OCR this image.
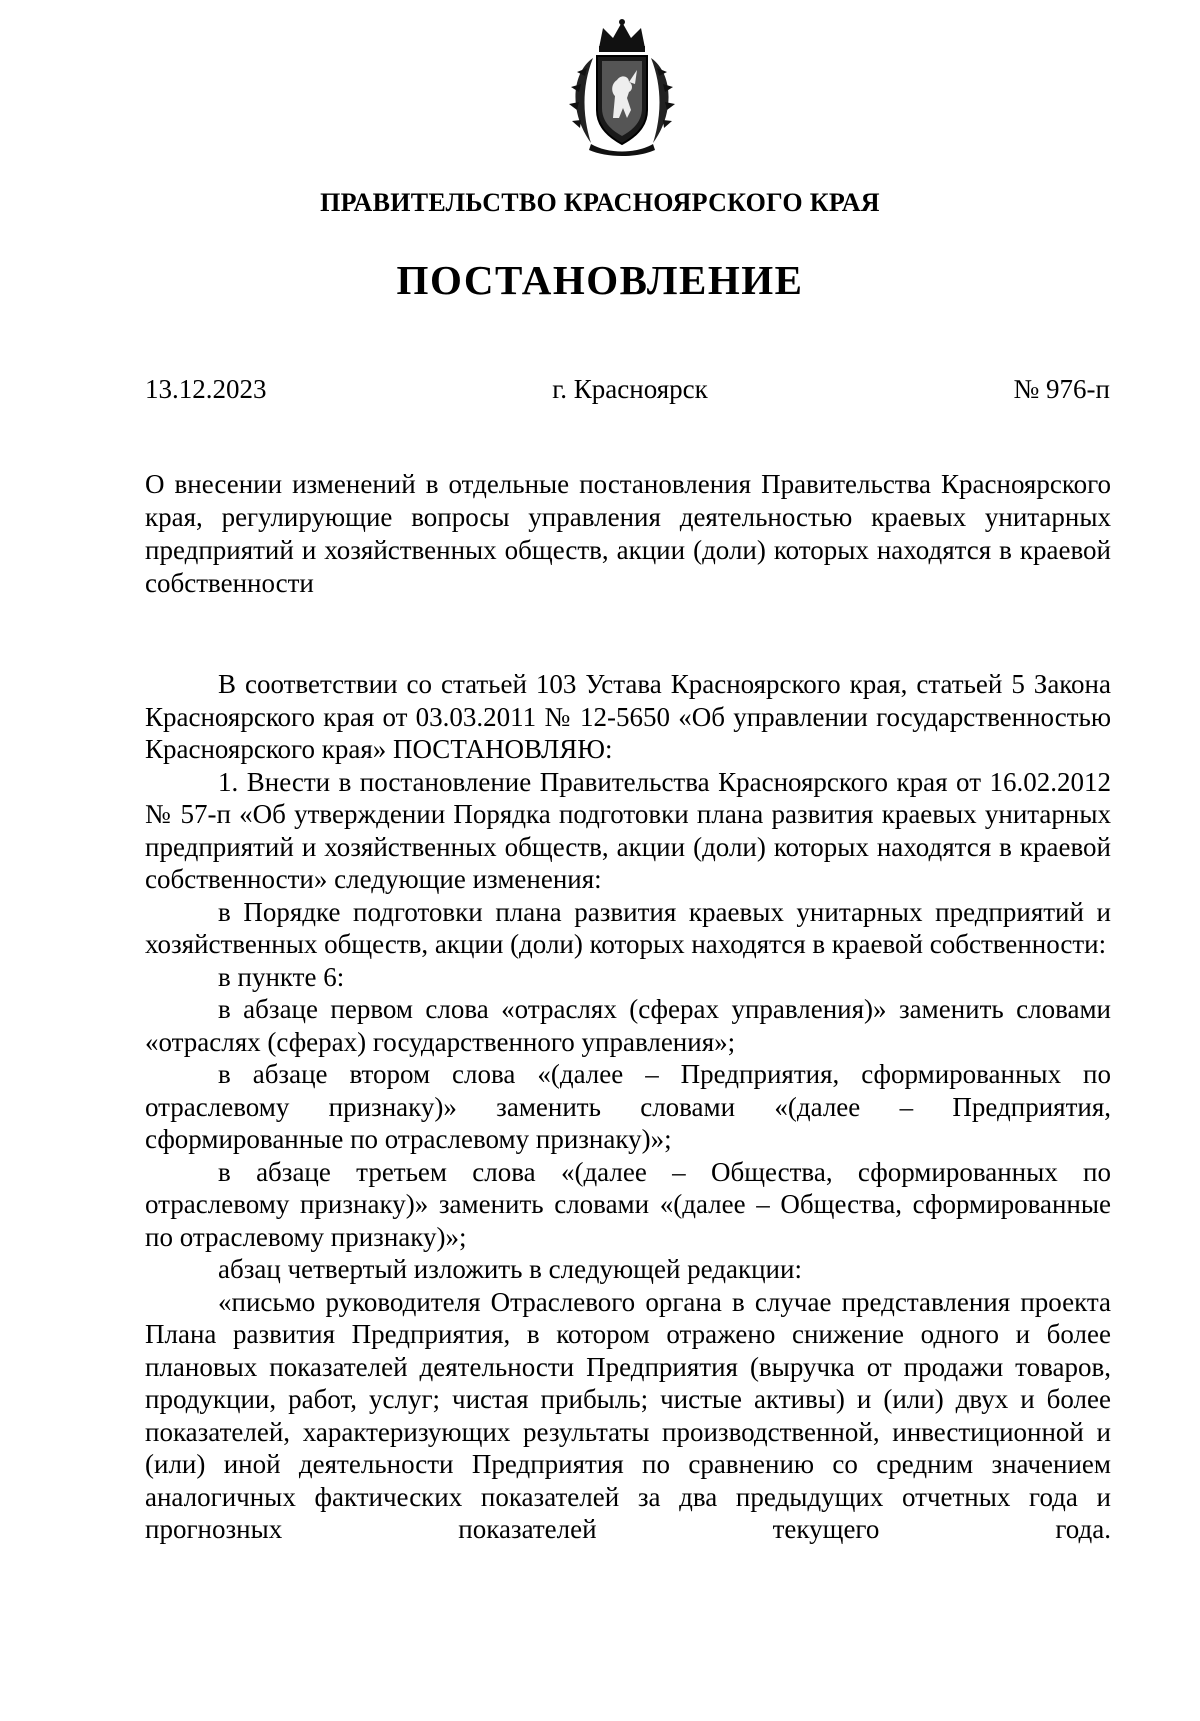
ПРАВИТЕЛЬСТВО КРАСНОЯРСКОГО КРАЯ
ПОСТАНОВЛЕНИЕ
13.12.2023	г. Красноярск	№ 976-п
О внесении изменений в отдельные постановления Правительства Красноярского края, регулирующие вопросы управления деятельностью краевых унитарных предприятий и хозяйственных обществ, акции (доли) которых находятся в краевой собственности

В соответствии со статьей 103 Устава Красноярского края, статьей 5 Закона Красноярского края от 03.03.2011 № 12-5650 «Об управлении государственностью Красноярского края» ПОСТАНОВЛЯЮ:

1. Внести в постановление Правительства Красноярского края от 16.02.2012 № 57-п «Об утверждении Порядка подготовки плана развития краевых унитарных предприятий и хозяйственных обществ, акции (доли) которых находятся в краевой собственности» следующие изменения:

в Порядке подготовки плана развития краевых унитарных предприятий и хозяйственных обществ, акции (доли) которых находятся в краевой собственности:

в пункте 6:

в абзаце первом слова «отраслях (сферах управления)» заменить словами «отраслях (сферах) государственного управления»;

в абзаце втором слова «(далее – Предприятия, сформированных по отраслевому признаку)» заменить словами «(далее – Предприятия, сформированные по отраслевому признаку)»;

в абзаце третьем слова «(далее – Общества, сформированных по отраслевому признаку)» заменить словами «(далее – Общества, сформированные по отраслевому признаку)»;

абзац четвертый изложить в следующей редакции:

«письмо руководителя Отраслевого органа в случае представления проекта Плана развития Предприятия, в котором отражено снижение одного и более плановых показателей деятельности Предприятия (выручка от продажи товаров, продукции, работ, услуг; чистая прибыль; чистые активы) и (или) двух и более показателей, характеризующих результаты производственной, инвестиционной и (или) иной деятельности Предприятия по сравнению со средним значением аналогичных фактических показателей за два предыдущих отчетных года и прогнозных показателей текущего года.
